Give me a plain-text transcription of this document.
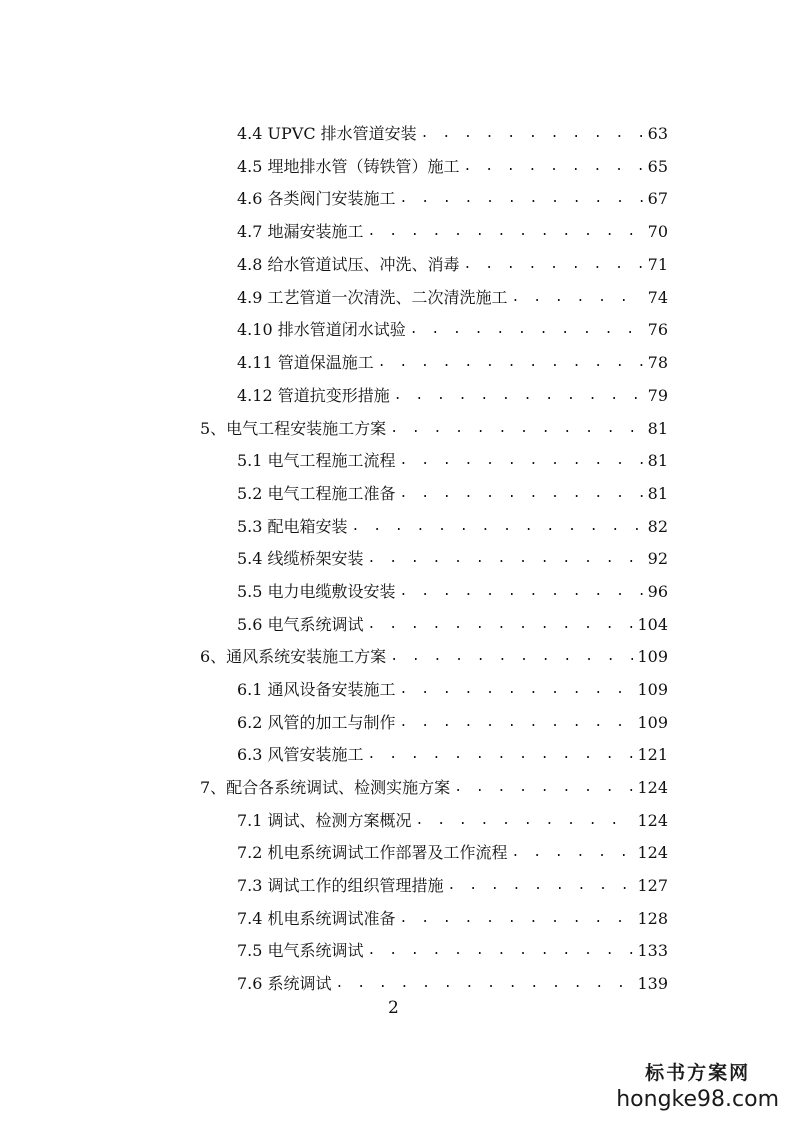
4.4 UPVC 排水管道安装 . . .	63
4.5 埋地排水管（铸铁管）施工 . . .	65
4.6 各类阀门安装施工 . . .	67
4.7 地漏安装施工 . . .	70
4.8 给水管道试压、冲洗、消毒 . . .	71
4.9 工艺管道一次清洗、二次清洗施工 . . .	74
4.10 排水管道闭水试验 . . .	76
4.11 管道保温施工 . . .	78
4.12 管道抗变形措施 . . .	79
5、电气工程安装施工方案 . . .	81
5.1 电气工程施工流程 . . .	81
5.2 电气工程施工准备 . . .	81
5.3 配电箱安装 . . .	82
5.4 线缆桥架安装 . . .	92
5.5 电力电缆敷设安装 . . .	96
5.6 电气系统调试 . . .	104
6、通风系统安装施工方案 . . .	109
6.1 通风设备安装施工 . . .	109
6.2 风管的加工与制作 . . .	109
6.3 风管安装施工 . . .	121
7、配合各系统调试、检测实施方案 . . .	124
7.1 调试、检测方案概况 . . .	124
7.2 机电系统调试工作部署及工作流程 . . .	124
7.3 调试工作的组织管理措施 . . .	127
7.4 机电系统调试准备 . . .	128
7.5 电气系统调试 . . .	133
7.6 系统调试 . . .	139
2
标书方案网
hongke98.com
